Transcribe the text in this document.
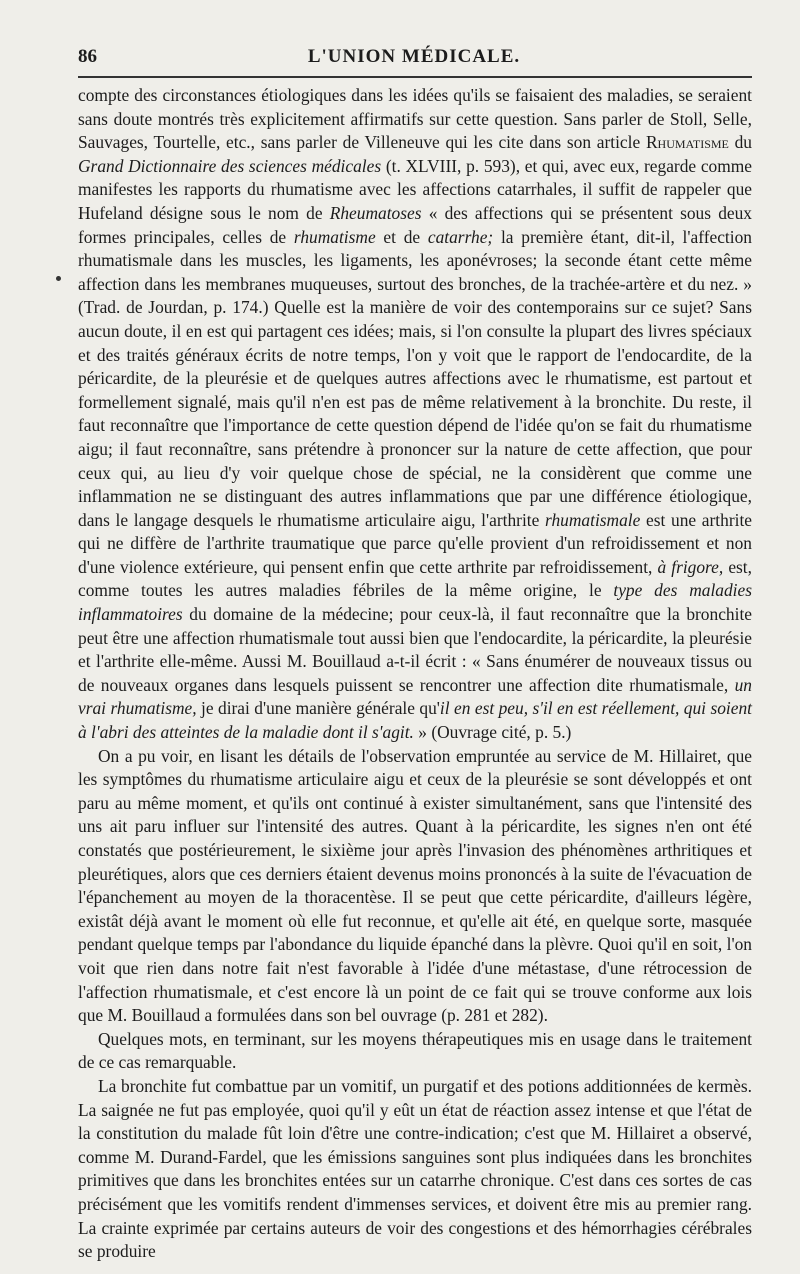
86	L'UNION MÉDICALE.

compte des circonstances étiologiques dans les idées qu'ils se faisaient des maladies, se seraient sans doute montrés très explicitement affirmatifs sur cette question. Sans parler de Stoll, Selle, Sauvages, Tourtelle, etc., sans parler de Villeneuve qui les cite dans son article Rhumatisme du Grand Dictionnaire des sciences médicales (t. XLVIII, p. 593), et qui, avec eux, regarde comme manifestes les rapports du rhumatisme avec les affections catarrhales, il suffit de rappeler que Hufeland désigne sous le nom de Rheumatoses « des affections qui se présentent sous deux formes principales, celles de rhumatisme et de catarrhe; la première étant, dit-il, l'affection rhumatismale dans les muscles, les ligaments, les aponévroses; la seconde étant cette même affection dans les membranes muqueuses, surtout des bronches, de la trachée-artère et du nez. » (Trad. de Jourdan, p. 174.) Quelle est la manière de voir des contemporains sur ce sujet? Sans aucun doute, il en est qui partagent ces idées; mais, si l'on consulte la plupart des livres spéciaux et des traités généraux écrits de notre temps, l'on y voit que le rapport de l'endocardite, de la péricardite, de la pleurésie et de quelques autres affections avec le rhumatisme, est partout et formellement signalé, mais qu'il n'en est pas de même relativement à la bronchite. Du reste, il faut reconnaître que l'importance de cette question dépend de l'idée qu'on se fait du rhumatisme aigu; il faut reconnaître, sans prétendre à prononcer sur la nature de cette affection, que pour ceux qui, au lieu d'y voir quelque chose de spécial, ne la considèrent que comme une inflammation ne se distinguant des autres inflammations que par une différence étiologique, dans le langage desquels le rhumatisme articulaire aigu, l'arthrite rhumatismale est une arthrite qui ne diffère de l'arthrite traumatique que parce qu'elle provient d'un refroidissement et non d'une violence extérieure, qui pensent enfin que cette arthrite par refroidissement, à frigore, est, comme toutes les autres maladies fébriles de la même origine, le type des maladies inflammatoires du domaine de la médecine; pour ceux-là, il faut reconnaître que la bronchite peut être une affection rhumatismale tout aussi bien que l'endocardite, la péricardite, la pleurésie et l'arthrite elle-même. Aussi M. Bouillaud a-t-il écrit : « Sans énumérer de nouveaux tissus ou de nouveaux organes dans lesquels puissent se rencontrer une affection dite rhumatismale, un vrai rhumatisme, je dirai d'une manière générale qu'il en est peu, s'il en est réellement, qui soient à l'abri des atteintes de la maladie dont il s'agit. » (Ouvrage cité, p. 5.)

On a pu voir, en lisant les détails de l'observation empruntée au service de M. Hillairet, que les symptômes du rhumatisme articulaire aigu et ceux de la pleurésie se sont développés et ont paru au même moment, et qu'ils ont continué à exister simultanément, sans que l'intensité des uns ait paru influer sur l'intensité des autres. Quant à la péricardite, les signes n'en ont été constatés que postérieurement, le sixième jour après l'invasion des phénomènes arthritiques et pleurétiques, alors que ces derniers étaient devenus moins prononcés à la suite de l'évacuation de l'épanchement au moyen de la thoracentèse. Il se peut que cette péricardite, d'ailleurs légère, existât déjà avant le moment où elle fut reconnue, et qu'elle ait été, en quelque sorte, masquée pendant quelque temps par l'abondance du liquide épanché dans la plèvre. Quoi qu'il en soit, l'on voit que rien dans notre fait n'est favorable à l'idée d'une métastase, d'une rétrocession de l'affection rhumatismale, et c'est encore là un point de ce fait qui se trouve conforme aux lois que M. Bouillaud a formulées dans son bel ouvrage (p. 281 et 282).

Quelques mots, en terminant, sur les moyens thérapeutiques mis en usage dans le traitement de ce cas remarquable.

La bronchite fut combattue par un vomitif, un purgatif et des potions additionnées de kermès. La saignée ne fut pas employée, quoi qu'il y eût un état de réaction assez intense et que l'état de la constitution du malade fût loin d'être une contre-indication; c'est que M. Hillairet a observé, comme M. Durand-Fardel, que les émissions sanguines sont plus indiquées dans les bronchites primitives que dans les bronchites entées sur un catarrhe chronique. C'est dans ces sortes de cas précisément que les vomitifs rendent d'immenses services, et doivent être mis au premier rang. La crainte exprimée par certains auteurs de voir des congestions et des hémorrhagies cérébrales se produire
